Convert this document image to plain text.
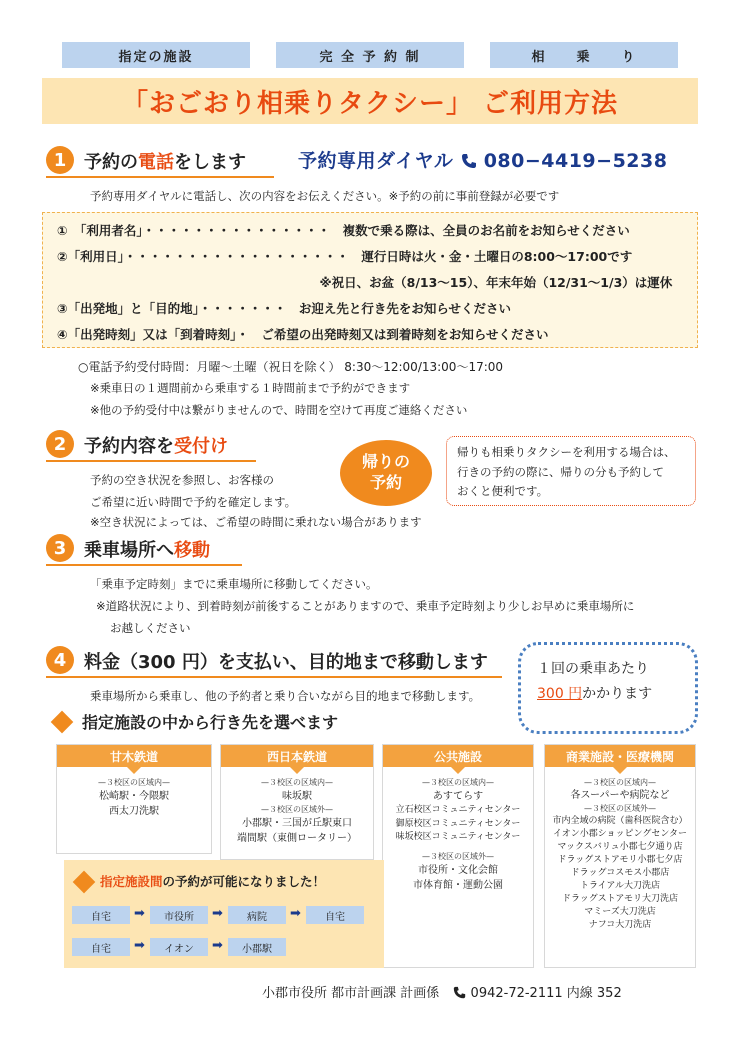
指定の施設	完 全 予 約 制	相　　乗　　り
「おごおり相乗りタクシー」 ご利用方法
1 予約の電話をします	予約専用ダイヤル 080−4419−5238
予約専用ダイヤルに電話し、次の内容をお伝えください。※予約の前に事前登録が必要です
①　「利用者名」・・・・・・・・・・・・・・・　複数で乗る際は、全員のお名前をお知らせください
②「利用日」・・・・・・・・・・・・・・・・・・　運行日時は火・金・土曜日の8:00〜17:00です
　　　　　　　　　　　　　　　　　　　　　※祝日、お盆（8/13〜15）、年末年始（12/31〜1/3）は運休
③「出発地」と「目的地」・・・・・・・　お迎え先と行き先をお知らせください
④「出発時刻」又は「到着時刻」・　ご希望の出発時刻又は到着時刻をお知らせください
○電話予約受付時間：月曜〜土曜（祝日を除く） 8:30〜12:00/13:00〜17:00
※乗車日の１週間前から乗車する１時間前まで予約ができます
※他の予約受付中は繋がりませんので、時間を空けて再度ご連絡ください
2 予約内容を受付け
予約の空き状況を参照し、お客様の
ご希望に近い時間で予約を確定します。
※空き状況によっては、ご希望の時間に乗れない場合があります
帰りの
予約
帰りも相乗りタクシーを利用する場合は、
行きの予約の際に、帰りの分も予約して
おくと便利です。
3 乗車場所へ移動
「乗車予定時刻」までに乗車場所に移動してください。
※道路状況により、到着時刻が前後することがありますので、乗車予定時刻より少しお早めに乗車場所に
お越しください
4 料金（300 円）を支払い、目的地まで移動します
乗車場所から乗車し、他の予約者と乗り合いながら目的地まで移動します。
１回の乗車あたり
300 円かかります
指定施設の中から行き先を選べます
甘木鉄道
—３校区の区域内—
松崎駅・今隈駅
西太刀洗駅
西日本鉄道
—３校区の区域内—
味坂駅
—３校区の区域外—
小郡駅・三国が丘駅東口
端間駅（東側ロータリー）
公共施設
—３校区の区域内—
あすてらす
立石校区コミュニティセンター
御原校区コミュニティセンター
味坂校区コミュニティセンター
—３校区の区域外—
市役所・文化会館
市体育館・運動公園
商業施設・医療機関
—３校区の区域内—
各スーパーや病院など
—３校区の区域外—
市内全域の病院（歯科医院含む）
イオン小郡ショッピングセンター
マックスバリュ小郡七夕通り店
ドラッグストアモリ小郡七夕店
ドラッグコスモス小郡店
トライアル大刀洗店
ドラッグストアモリ大刀洗店
マミーズ大刀洗店
ナフコ大刀洗店
指定施設間の予約が可能になりました！
自宅	➡	市役所	➡	病院	➡	自宅
自宅	➡	イオン	➡	小郡駅
小郡市役所 都市計画課 計画係 0942-72-2111 内線 352
